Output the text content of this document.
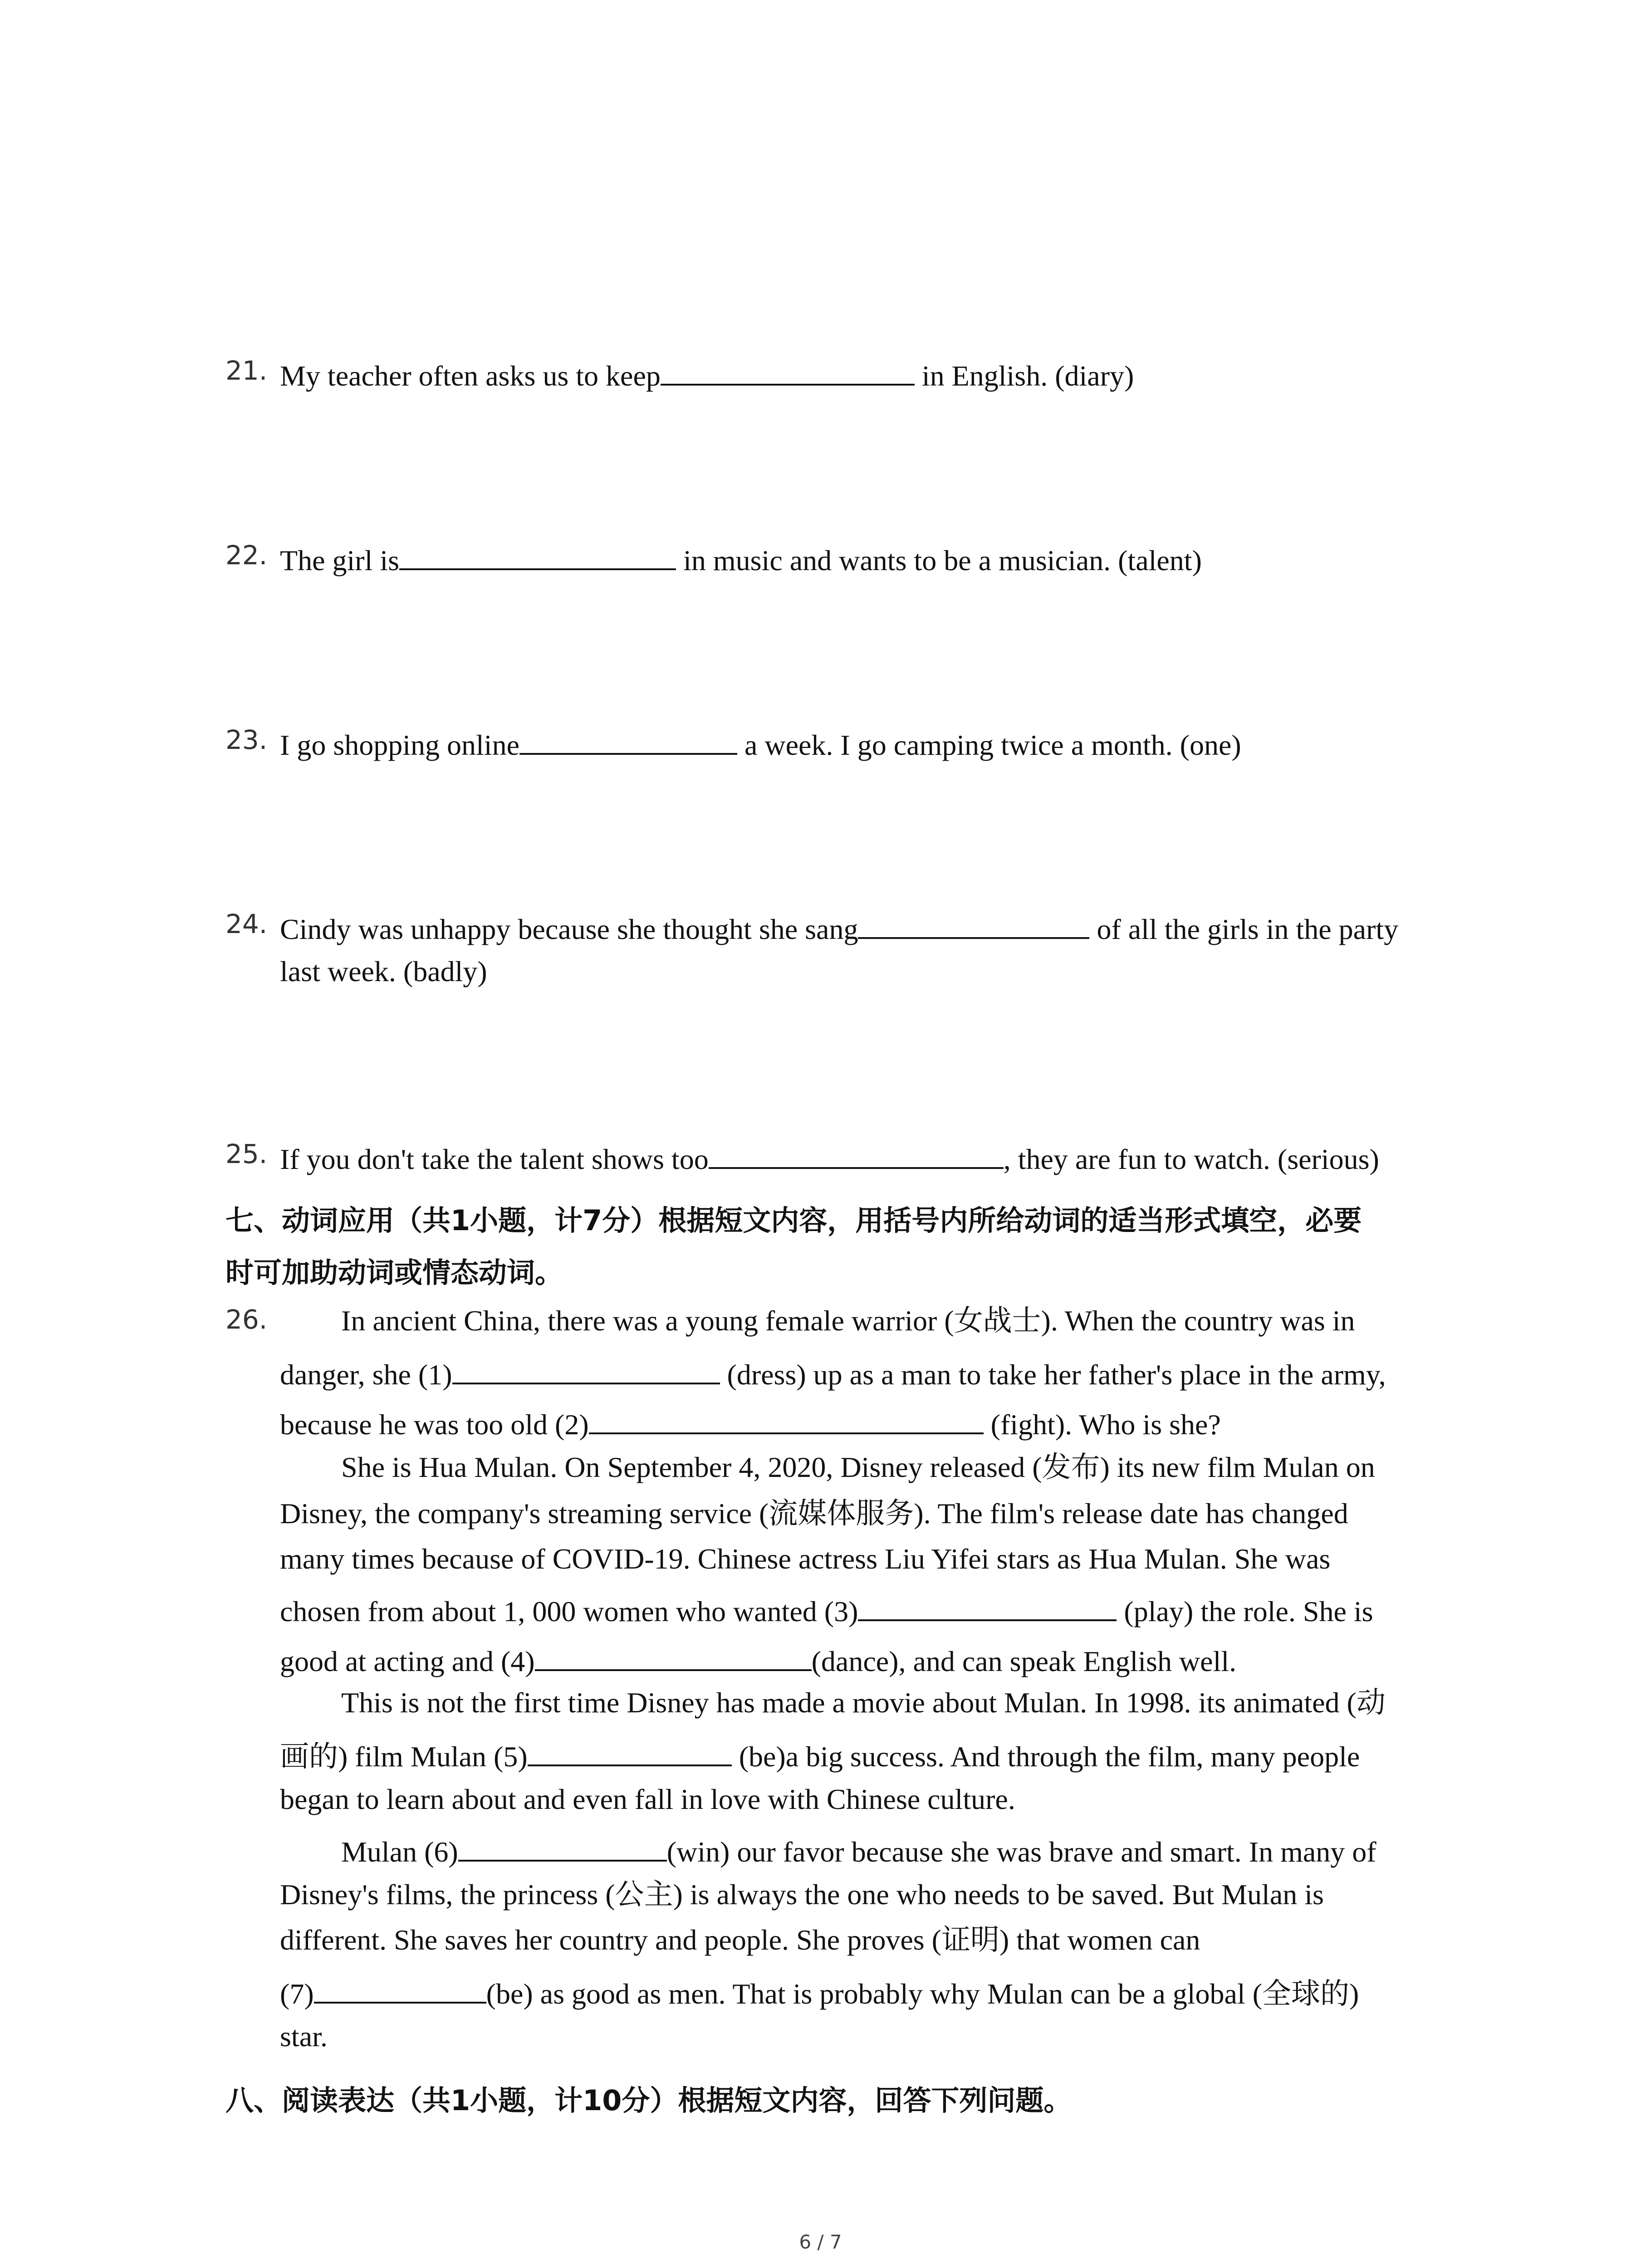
21. My teacher often asks us to keep	in English. (diary)
22. The girl is	in music and wants to be a musician. (talent)
23. I go shopping online	a week. I go camping twice a month. (one)
24. Cindy was unhappy because she thought she sang	of all the girls in the party
last week. (badly)
25. If you don't take the talent shows too	, they are fun to watch. (serious)
七、动词应用（共1小题，计7分）根据短文内容，用括号内所给动词的适当形式填空，必要
时可加助动词或情态动词。
26.	In ancient China, there was a young female warrior (女战士). When the country was in
danger, she (1)	(dress) up as a man to take her father's place in the army,
because he was too old (2)	(fight). Who is she?
She is Hua Mulan. On September 4, 2020, Disney released (发布) its new film Mulan on
Disney, the company's streaming service (流媒体服务). The film's release date has changed
many times because of COVID-19. Chinese actress Liu Yifei stars as Hua Mulan. She was
chosen from about 1, 000 women who wanted (3)	(play) the role. She is
good at acting and (4)	(dance), and can speak English well.
This is not the first time Disney has made a movie about Mulan. In 1998. its animated (动
画的) film Mulan (5)	(be)a big success. And through the film, many people
began to learn about and even fall in love with Chinese culture.
Mulan (6)	(win) our favor because she was brave and smart. In many of
Disney's films, the princess (公主) is always the one who needs to be saved. But Mulan is
different. She saves her country and people. She proves (证明) that women can
(7)	(be) as good as men. That is probably why Mulan can be a global (全球的)
star.
八、阅读表达（共1小题，计10分）根据短文内容，回答下列问题。
6 / 7
